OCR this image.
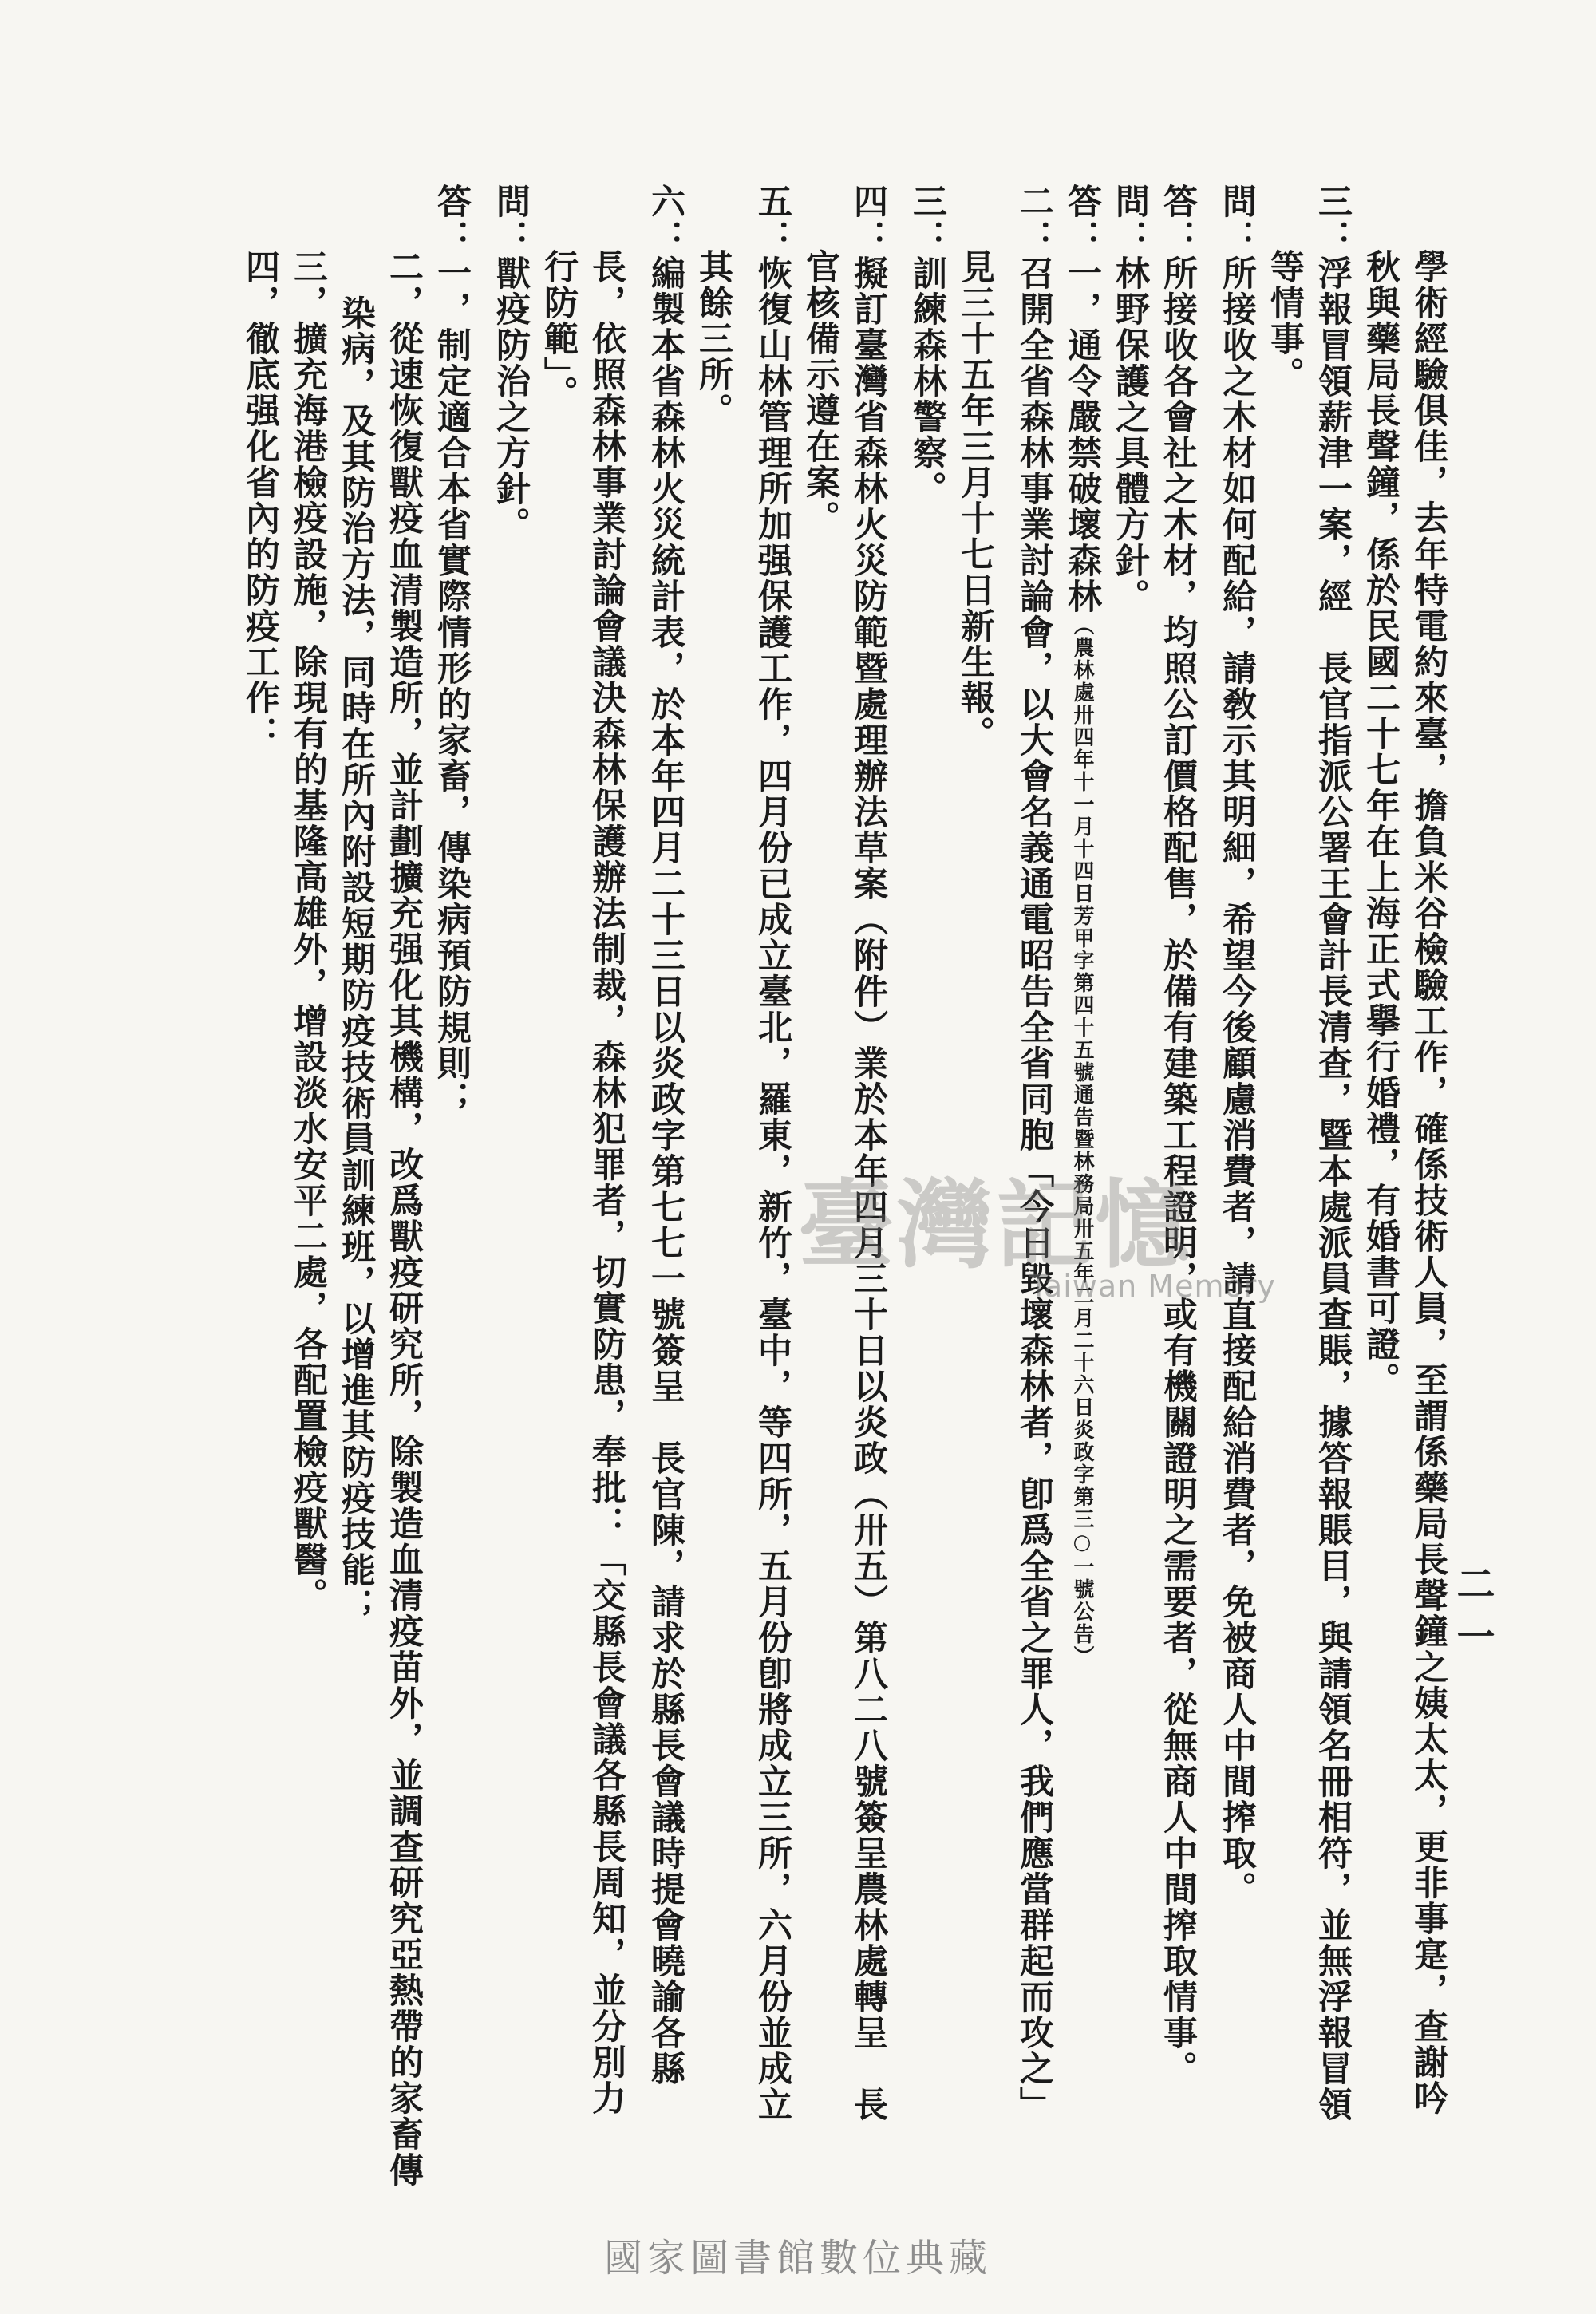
學術經驗俱佳，去年特電約來臺，擔負米谷檢驗工作，確係技術人員，至謂係藥局長聲鐘之姨太太，更非事寔，查謝吟
秋與藥局長聲鐘，係於民國二十七年在上海正式擧行婚禮，有婚書可證。
三：浮報冒領薪津一案，經　長官指派公署王會計長清查，暨本處派員查賬，據答報賬目，與請領名冊相符，並無浮報冒領
等情事。
問：所接收之木材如何配給，請敎示其明細，希望今後顧慮消費者，請直接配給消費者，免被商人中間搾取。
答：所接收各會社之木材，均照公訂價格配售，於備有建築工程證明，或有機關證明之需要者，從無商人中間搾取情事。
問：林野保護之具體方針。
答：一，通令嚴禁破壞森林（農林處卅四年十一月十四日芳甲字第四十五號通告暨林務局卅五年二月二十六日炎政字第三○一號公告）
二：召開全省森林事業討論會，以大會名義通電昭告全省同胞「今日毀壞森林者，卽爲全省之罪人，我們應當群起而攻之」
見三十五年三月十七日新生報。
三：訓練森林警察。
四：擬訂臺灣省森林火災防範暨處理辦法草案（附件）業於本年四月三十日以炎政（卅五）第八二八號簽呈農林處轉呈　長
官核備示遵在案。
五：恢復山林管理所加强保護工作，四月份已成立臺北，羅東，新竹，臺中，等四所，五月份卽將成立三所，六月份並成立
其餘三所。
六：編製本省森林火災統計表，於本年四月二十三日以炎政字第七七一號簽呈　長官陳，請求於縣長會議時提會曉諭各縣
長，依照森林事業討論會議決森林保護辦法制裁，森林犯罪者，切實防患，奉批：「交縣長會議各縣長周知，並分別力
行防範」。
問：獸疫防治之方針。
答：一，制定適合本省實際情形的家畜，傳染病預防規則；
二，從速恢復獸疫血清製造所，並計劃擴充强化其機構，改爲獸疫研究所，除製造血清疫苗外，並調查研究亞熱帶的家畜傳
染病，及其防治方法，同時在所內附設短期防疫技術員訓練班，以增進其防疫技能；
三，擴充海港檢疫設施，除現有的基隆高雄外，增設淡水安平二處，各配置檢疫獸醫。
四，徹底强化省內的防疫工作：
二一
臺灣記憶
Taiwan Memory
國家圖書館數位典藏
